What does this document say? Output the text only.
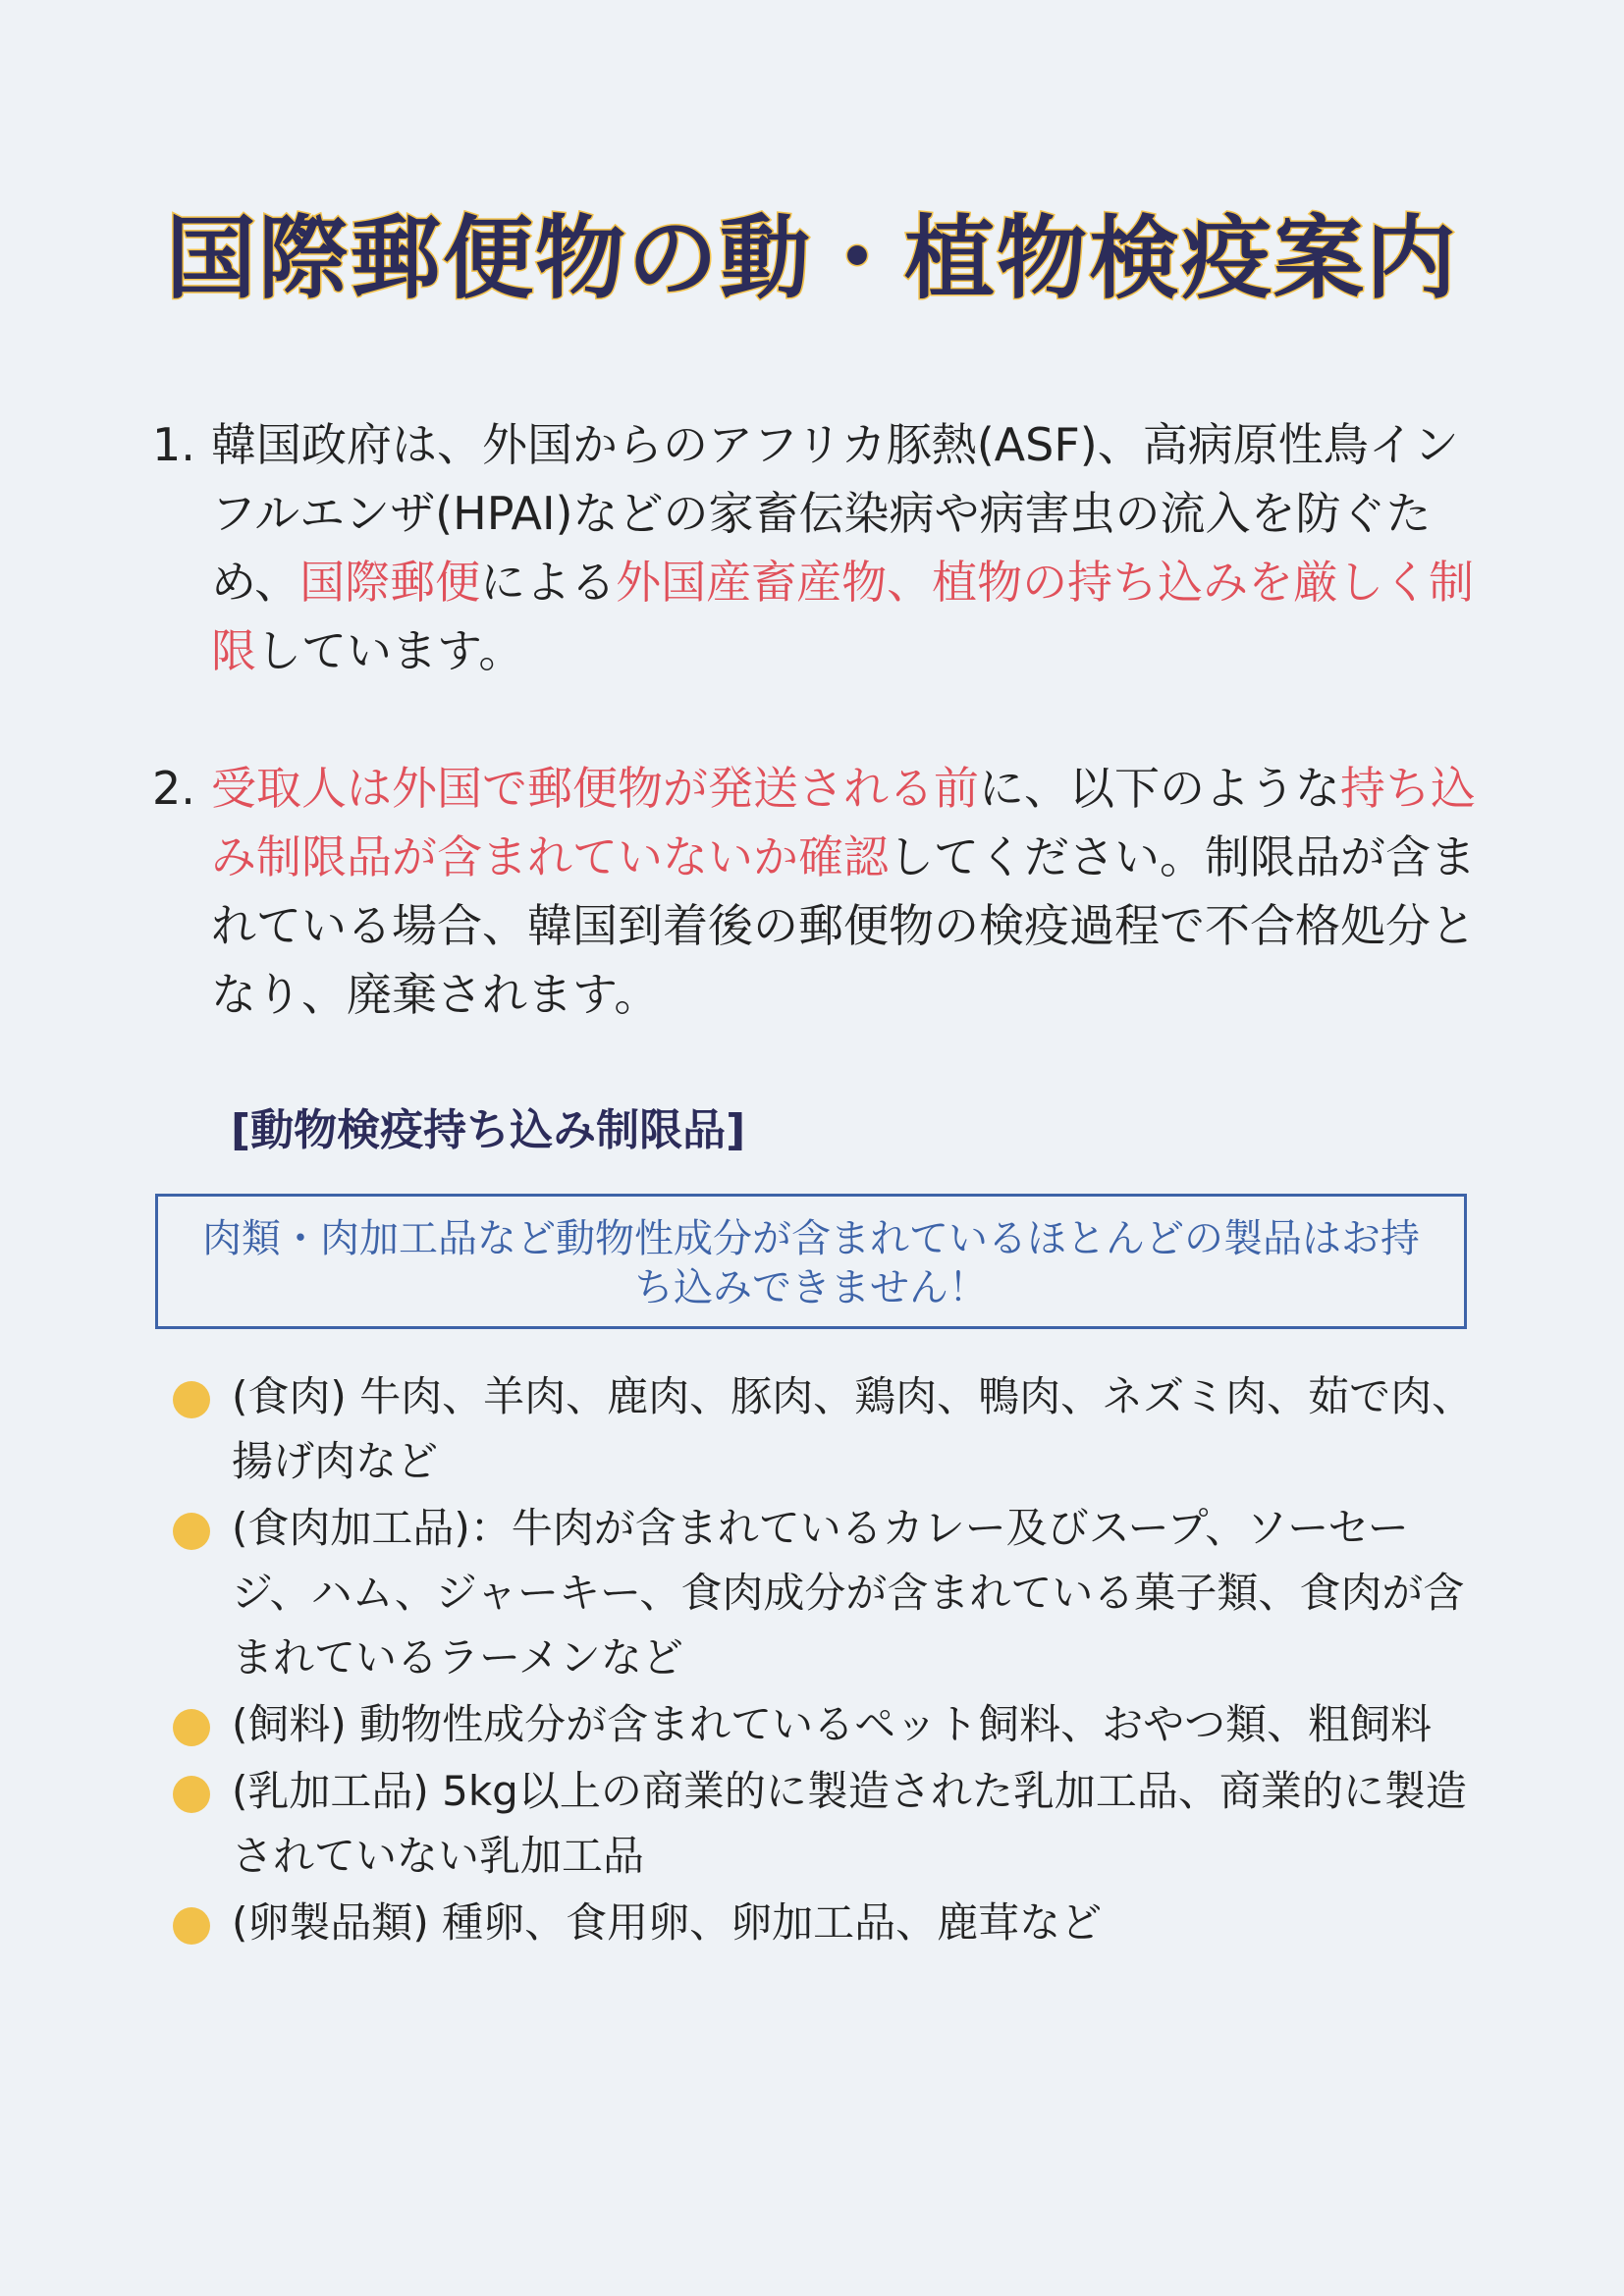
国際郵便物の動・植物検疫案内
1. 韓国政府は、外国からのアフリカ豚熱(ASF)、高病原性鳥インフルエンザ(HPAI)などの家畜伝染病や病害虫の流入を防ぐため、国際郵便による外国産畜産物、植物の持ち込みを厳しく制限しています。
2. 受取人は外国で郵便物が発送される前に、以下のような持ち込み制限品が含まれていないか確認してください。制限品が含まれている場合、韓国到着後の郵便物の検疫過程で不合格処分となり、廃棄されます。
[動物検疫持ち込み制限品]
肉類・肉加工品など動物性成分が含まれているほとんどの製品はお持ち込みできません！
(食肉) 牛肉、羊肉、鹿肉、豚肉、鶏肉、鴨肉、ネズミ肉、茹で肉、揚げ肉など
(食肉加工品)：牛肉が含まれているカレー及びスープ、ソーセージ、ハム、ジャーキー、食肉成分が含まれている菓子類、食肉が含まれているラーメンなど
(飼料) 動物性成分が含まれているペット飼料、おやつ類、粗飼料
(乳加工品) 5kg以上の商業的に製造された乳加工品、商業的に製造されていない乳加工品
(卵製品類) 種卵、食用卵、卵加工品、鹿茸など
